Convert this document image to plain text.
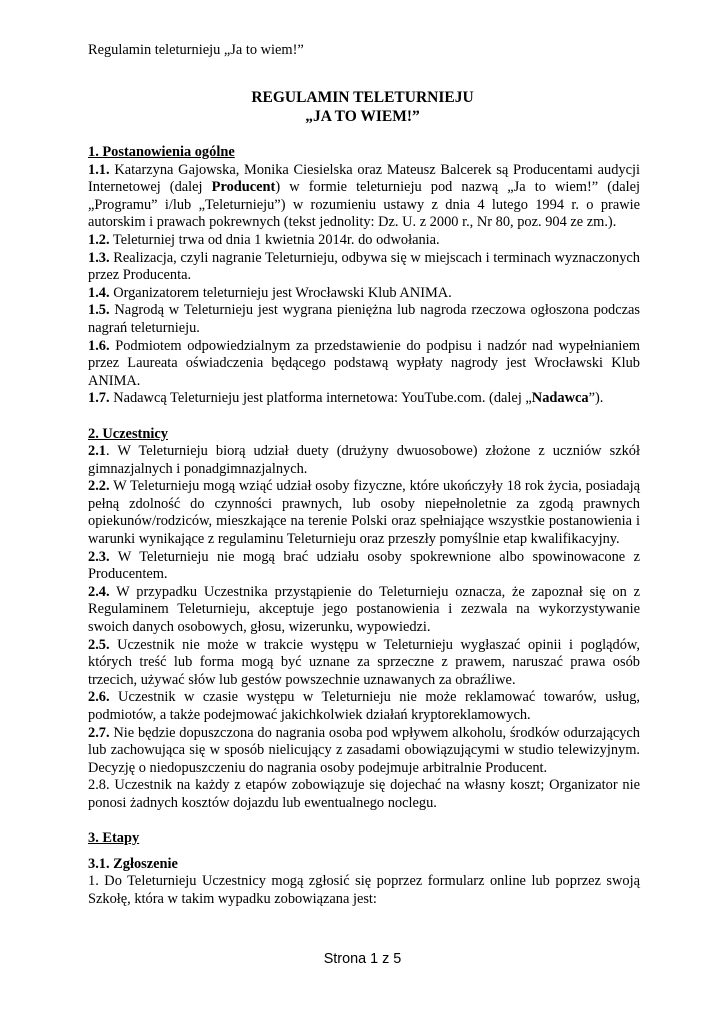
Regulamin teleturnieju „Ja to wiem!”
REGULAMIN TELETURNIEJU
„JA TO WIEM!”

1. Postanowienia ogólne

1.1. Katarzyna Gajowska, Monika Ciesielska oraz Mateusz Balcerek są Producentami audycji Internetowej (dalej Producent) w formie teleturnieju pod nazwą „Ja to wiem!” (dalej „Programu” i/lub „Teleturnieju”) w rozumieniu ustawy z dnia 4 lutego 1994 r. o prawie autorskim i prawach pokrewnych (tekst jednolity: Dz. U. z 2000 r., Nr 80, poz. 904 ze zm.).

1.2. Teleturniej trwa od dnia 1 kwietnia 2014r. do odwołania.

1.3. Realizacja, czyli nagranie Teleturnieju, odbywa się w miejscach i terminach wyznaczonych przez Producenta.

1.4. Organizatorem teleturnieju jest Wrocławski Klub ANIMA.

1.5. Nagrodą w Teleturnieju jest wygrana pieniężna lub nagroda rzeczowa ogłoszona podczas nagrań teleturnieju.

1.6. Podmiotem odpowiedzialnym za przedstawienie do podpisu i nadzór nad wypełnianiem przez Laureata oświadczenia będącego podstawą wypłaty nagrody jest Wrocławski Klub ANIMA.

1.7. Nadawcą Teleturnieju jest platforma internetowa: YouTube.com. (dalej „Nadawca”).

2. Uczestnicy

2.1. W Teleturnieju biorą udział duety (drużyny dwuosobowe) złożone z uczniów szkół gimnazjalnych i ponadgimnazjalnych.

2.2. W Teleturnieju mogą wziąć udział osoby fizyczne, które ukończyły 18 rok życia, posiadają pełną zdolność do czynności prawnych, lub osoby niepełnoletnie za zgodą prawnych opiekunów/rodziców, mieszkające na terenie Polski oraz spełniające wszystkie postanowienia i warunki wynikające z regulaminu Teleturnieju oraz przeszły pomyślnie etap kwalifikacyjny.

2.3. W Teleturnieju nie mogą brać udziału osoby spokrewnione albo spowinowacone z Producentem.

2.4. W przypadku Uczestnika przystąpienie do Teleturnieju oznacza, że zapoznał się on z Regulaminem Teleturnieju, akceptuje jego postanowienia i zezwala na wykorzystywanie swoich danych osobowych, głosu, wizerunku, wypowiedzi.

2.5. Uczestnik nie może w trakcie występu w Teleturnieju wygłaszać opinii i poglądów, których treść lub forma mogą być uznane za sprzeczne z prawem, naruszać prawa osób trzecich, używać słów lub gestów powszechnie uznawanych za obraźliwe.

2.6. Uczestnik w czasie występu w Teleturnieju nie może reklamować towarów, usług, podmiotów, a także podejmować jakichkolwiek działań kryptoreklamowych.

2.7. Nie będzie dopuszczona do nagrania osoba pod wpływem alkoholu, środków odurzających lub zachowująca się w sposób nielicujący z zasadami obowiązującymi w studio telewizyjnym. Decyzję o niedopuszczeniu do nagrania osoby podejmuje arbitralnie Producent.

2.8. Uczestnik na każdy z etapów zobowiązuje się dojechać na własny koszt; Organizator nie ponosi żadnych kosztów dojazdu lub ewentualnego noclegu.

3. Etapy

3.1. Zgłoszenie

1. Do Teleturnieju Uczestnicy mogą zgłosić się poprzez formularz online lub poprzez swoją Szkołę, która w takim wypadku zobowiązana jest:

Strona 1 z 5
